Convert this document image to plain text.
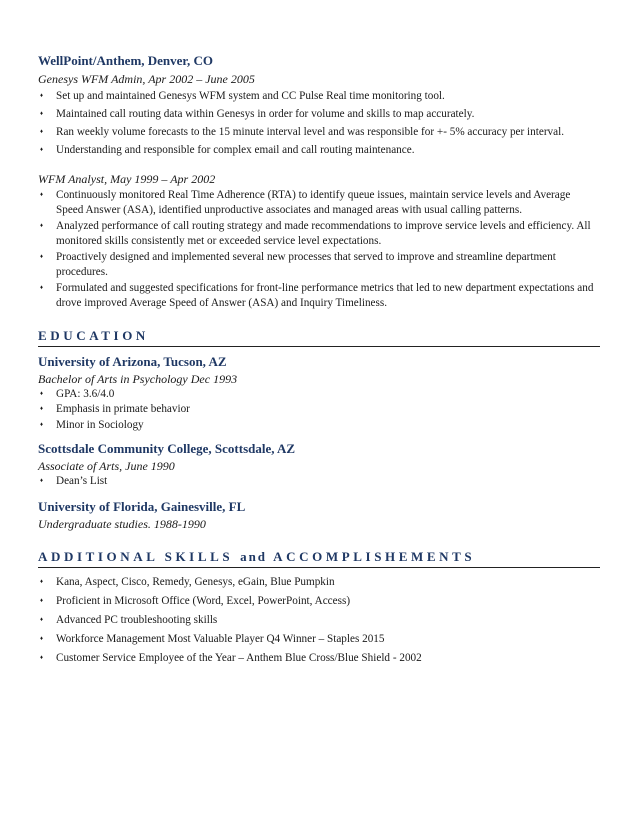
WellPoint/Anthem, Denver, CO

Genesys WFM Admin, Apr 2002 – June 2005

♦ Set up and maintained Genesys WFM system and CC Pulse Real time monitoring tool.
♦ Maintained call routing data within Genesys in order for volume and skills to map accurately.
♦ Ran weekly volume forecasts to the 15 minute interval level and was responsible for +- 5% accuracy per interval.
♦ Understanding and responsible for complex email and call routing maintenance.

WFM Analyst, May 1999 – Apr 2002

♦ Continuously monitored Real Time Adherence (RTA) to identify queue issues, maintain service levels and Average Speed Answer (ASA), identified unproductive associates and managed areas with usual calling patterns.
♦ Analyzed performance of call routing strategy and made recommendations to improve service levels and efficiency. All monitored skills consistently met or exceeded service level expectations.
♦ Proactively designed and implemented several new processes that served to improve and streamline department procedures.
♦ Formulated and suggested specifications for front-line performance metrics that led to new department expectations and drove improved Average Speed of Answer (ASA) and Inquiry Timeliness.
EDUCATION

University of Arizona, Tucson, AZ

Bachelor of Arts in Psychology Dec 1993

♦ GPA: 3.6/4.0
♦ Emphasis in primate behavior
♦ Minor in Sociology

Scottsdale Community College, Scottsdale, AZ

Associate of Arts, June 1990

♦ Dean’s List

University of Florida, Gainesville, FL

Undergraduate studies. 1988-1990

ADDITIONAL SKILLS and ACCOMPLISHEMENTS
♦ Kana, Aspect, Cisco, Remedy, Genesys, eGain, Blue Pumpkin
♦ Proficient in Microsoft Office (Word, Excel, PowerPoint, Access)
♦ Advanced PC troubleshooting skills
♦ Workforce Management Most Valuable Player Q4 Winner – Staples 2015
♦ Customer Service Employee of the Year – Anthem Blue Cross/Blue Shield - 2002
